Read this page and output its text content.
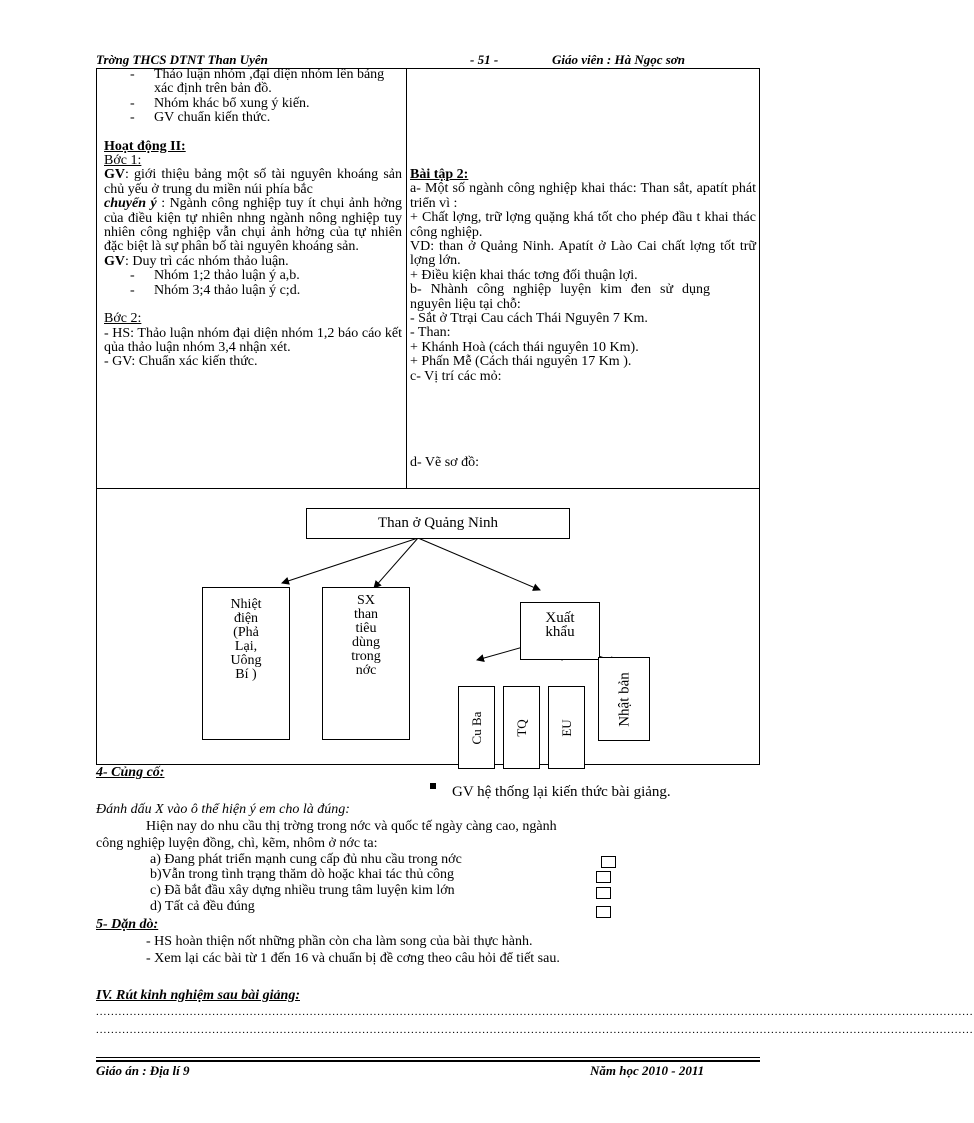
Trờng THCS DTNT Than Uyên	- 51 -	Giáo viên : Hà Ngọc sơn
- Thảo luận nhóm ,đại diện nhóm lên bảng xác định trên bản đồ.
- Nhóm khác bổ xung ý kiến.
- GV chuẩn kiến thức.
Hoạt động II:
Bớc 1:
GV: giới thiệu bảng một số tài nguyên khoáng sản chủ yếu ở trung du miền núi phía bắc
chuyển ý : Ngành công nghiệp tuy ít chụi ảnh hởng của điều kiện tự nhiên nhng ngành nông nghiệp tuy nhiên công nghiệp vẫn chụi ảnh hởng của tự nhiên đặc biệt là sự phân bố tài nguyên khoáng sản.
GV: Duy trì các nhóm thảo luận.
- Nhóm 1;2 thảo luận ý a,b.
- Nhóm 3;4 thảo luận ý c;d.
Bớc 2:
- HS: Thảo luận nhóm đại diện nhóm 1,2 báo cáo kết qủa thảo luận nhóm 3,4 nhận xét.
- GV: Chuẩn xác kiến thức.
Bài tập 2:
a- Một số ngành công nghiệp khai thác: Than sắt, apatít phát triển vì :
+ Chất lợng, trữ lợng quặng khá tốt cho phép đầu t khai thác công nghiệp.
VD: than ở Quảng Ninh. Apatít ở Lào Cai chất lợng tốt trữ lợng lớn.
+ Điều kiện khai thác tơng đối thuận lợi.
b- Nhành công nghiệp luyện kim đen sử dụng nguyên liệu tại chỗ:
- Sắt ở Ttrại Cau cách Thái Nguyên 7 Km.
- Than:
+ Khánh Hoà (cách thái nguyên 10 Km).
+ Phấn Mễ (Cách thái nguyên 17 Km ).
c- Vị trí các mỏ:
d- Vẽ sơ đồ:
Than ở Quảng Ninh
Nhiệt
điện
(Phả
Lại,
Uông
Bí )
SX
than
tiêu
dùng
trong
nớc
Xuất
khẩu
Cu Ba TQ EU
Nhật bản
4- Củng cố:
GV hệ thống lại kiến thức bài giảng.
Đánh dấu X vào ô thể hiện ý em cho là đúng:
Hiện nay do nhu cầu thị trờng trong nớc và quốc tế ngày càng cao, ngành
công nghiệp luyện đồng, chì, kẽm, nhôm ở nớc ta:
a) Đang phát triển mạnh cung cấp đủ nhu cầu trong nớc
b)Vẫn trong tình trạng thăm dò hoặc khai tác thủ công
c) Đã bắt đầu xây dựng nhiều trung tâm luyện kim lớn
d) Tất cả đều đúng
5- Dặn dò:
- HS hoàn thiện nốt những phần còn cha làm song của bài thực hành.
- Xem lại các bài từ 1 đến 16 và chuẩn bị đề cơng theo câu hỏi để tiết sau.
IV. Rút kinh nghiệm sau bài giảng:
..........................................................................................................................................................................................................................................
..........................................................................................................................................................................................................................................
Giáo án : Địa lí 9	Năm học 2010 - 2011
